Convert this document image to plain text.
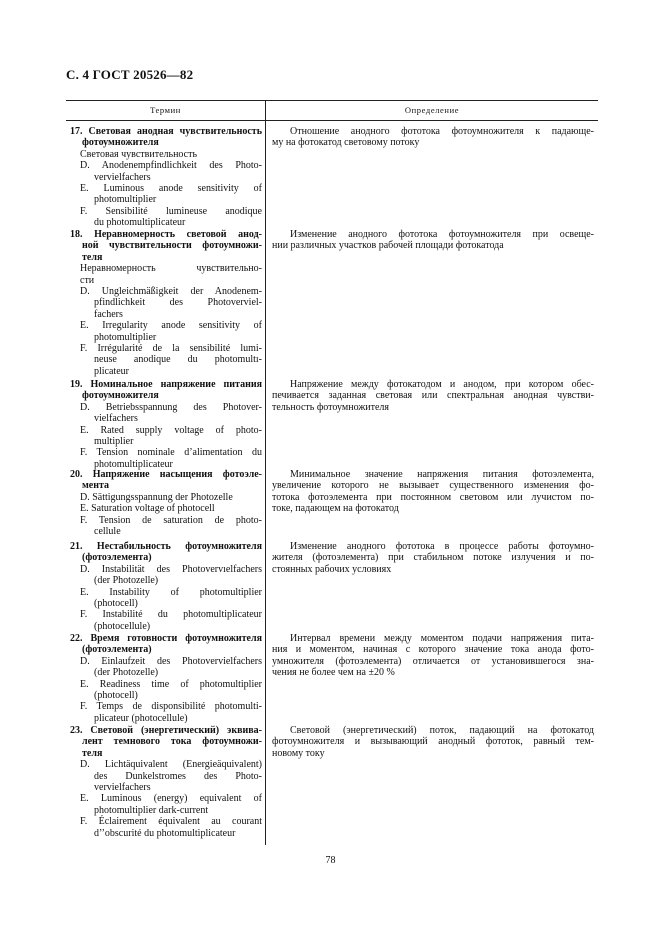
С. 4 ГОСТ 20526—82
Термин	Определение
17. Световая анодная чувствительность
фотоумножителя
Световая чувствительность
D. Anodenempfindlichkeit des Photo-
vervielfachers
E. Luminous anode sensitivity of
photomultiplier
F. Sensibilité lumineuse anodique
du photomultiplicateur
Отношение анодного фототока фотоумножителя к падающе-
му на фотокатод световому потоку
18. Неравномерность световой анод-
ной чувствительности фотоумножи-
теля
Неравномерность чувствительно-
сти
D. Ungleichmäßigkeit der Anodenem-
pfindlichkeit des Photoverviel-
fachers
E. Irregularity anode sensitivity of
photomultiplier
F. Irrégularité de la sensibilité lumi-
neuse anodique du photomultı-
plicateur
Изменение анодного фототока фотоумножителя при освеще-
нии различных участков рабочей площади фотокатода
19. Номинальное напряжение питания
фотоумножителя
D. Betriebsspannung des Photover-
vielfachers
E. Rated supply voltage of photo-
multiplier
F. Tension nominale d’alimentation du
photomultiplicateur
Напряжение между фотокатодом и анодом, при котором обес-
печивается заданная световая или спектральная анодная чувстви-
тельность фотоумножителя
20. Напряжение насыщения фотоэле-
мента
D. Sättigungsspannung der Photozelle
E. Saturation voltage of photocell
F. Tension de saturation de photo-
cellule
Минимальное значение напряжения питания фотоэлемента,
увеличение которого не вызывает существенного изменения фо-
тотока фотоэлемента при постоянном световом или лучистом по-
токе, падающем на фотокатод
21. Нестабильность фотоумножителя
(фотоэлемента)
D. Instabilität des Photovervıelfachers
(der Photozelle)
E. Instability of photomultiplier
(photocell)
F. Instabilité du photomultiplicateur
(photocellule)
Изменение анодного фототока в процессе работы фотоумно-
жителя (фотоэлемента) при стабильном потоке излучения и по-
стоянных рабочих условиях
22. Время готовности фотоумножителя
(фотоэлемента)
D. Einlaufzeit des Photovervielfachers
(der Photozelle)
E. Readiness time of photomultiplier
(photocell)
F. Temps de disponsibilité photomulti-
plicateur (photocellule)
Интервал времени между моментом подачи напряжения пита-
ния и моментом, начиная с которого значение тока анода фото-
умножителя (фотоэлемента) отличается от установившегося зна-
чения не более чем на ±20 %
23. Световой (энергетический) эквива-
лент темнового тока фотоумножи-
теля
D. Lichtäquivalent (Energieäquivalent)
des Dunkelstromes des Photo-
vervielfachers
E. Luminous (energy) equivalent of
photomultiplier dark-current
F. Éclairement équivalent au courant
d’’obscurité du photomultiplicateur
Световой (энергетический) поток, падающий на фотокатод
фотоумножителя и вызывающий анодный фототок, равный тем-
новому току
78
